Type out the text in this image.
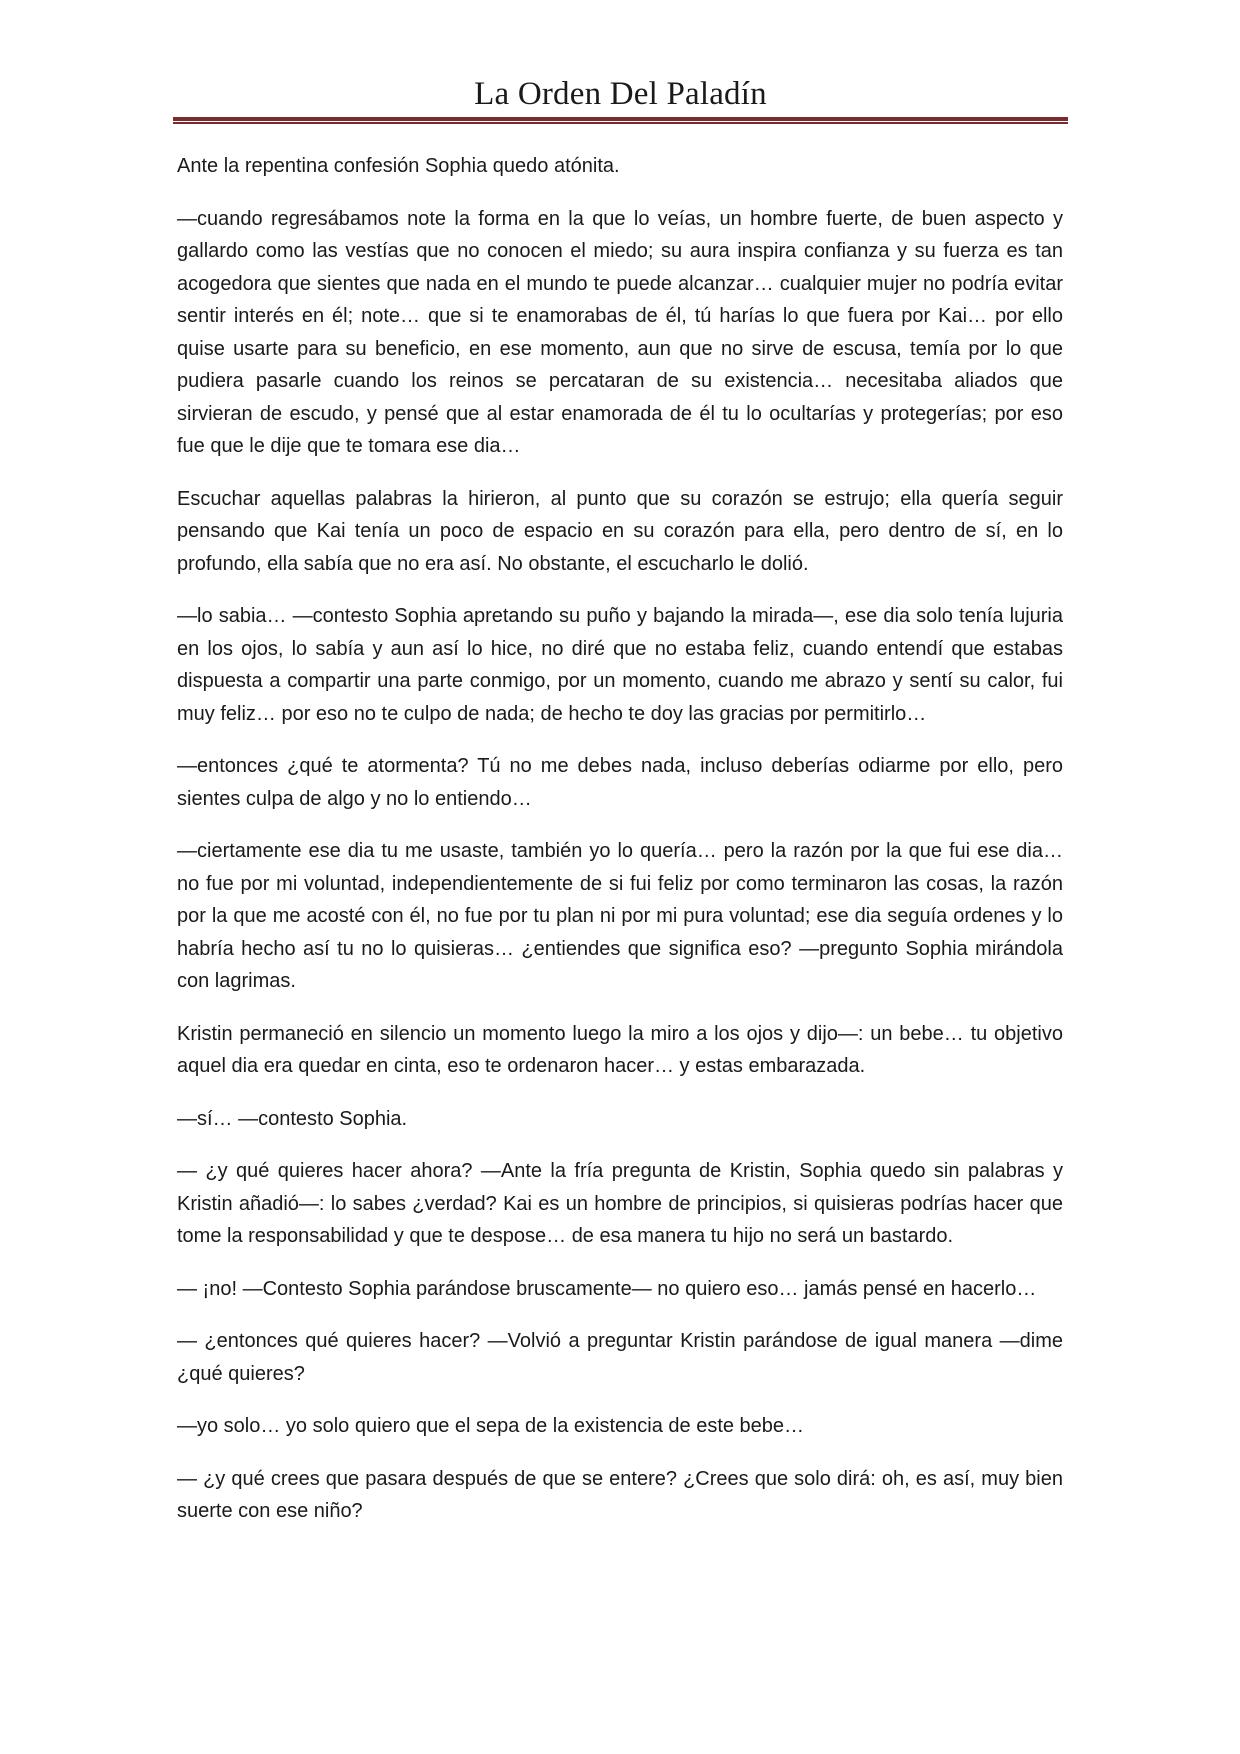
La Orden Del Paladín

Ante la repentina confesión Sophia quedo atónita.

—cuando regresábamos note la forma en la que lo veías, un hombre fuerte, de buen aspecto y gallardo como las vestías que no conocen el miedo; su aura inspira confianza y su fuerza es tan acogedora que sientes que nada en el mundo te puede alcanzar… cualquier mujer no podría evitar sentir interés en él; note… que si te enamorabas de él, tú harías lo que fuera por Kai… por ello quise usarte para su beneficio, en ese momento, aun que no sirve de escusa, temía por lo que pudiera pasarle cuando los reinos se percataran de su existencia… necesitaba aliados que sirvieran de escudo, y pensé que al estar enamorada de él tu lo ocultarías y protegerías; por eso fue que le dije que te tomara ese dia…

Escuchar aquellas palabras la hirieron, al punto que su corazón se estrujo; ella quería seguir pensando que Kai tenía un poco de espacio en su corazón para ella, pero dentro de sí, en lo profundo, ella sabía que no era así. No obstante, el escucharlo le dolió.

—lo sabia… —contesto Sophia apretando su puño y bajando la mirada—, ese dia solo tenía lujuria en los ojos, lo sabía y aun así lo hice, no diré que no estaba feliz, cuando entendí que estabas dispuesta a compartir una parte conmigo, por un momento, cuando me abrazo y sentí su calor, fui muy feliz… por eso no te culpo de nada; de hecho te doy las gracias por permitirlo…

—entonces ¿qué te atormenta? Tú no me debes nada, incluso deberías odiarme por ello, pero sientes culpa de algo y no lo entiendo…

—ciertamente ese dia tu me usaste, también yo lo quería… pero la razón por la que fui ese dia… no fue por mi voluntad, independientemente de si fui feliz por como terminaron las cosas, la razón por la que me acosté con él, no fue por tu plan ni por mi pura voluntad; ese dia seguía ordenes y lo habría hecho así tu no lo quisieras… ¿entiendes que significa eso? —pregunto Sophia mirándola con lagrimas.

Kristin permaneció en silencio un momento luego la miro a los ojos y dijo—: un bebe… tu objetivo aquel dia era quedar en cinta, eso te ordenaron hacer… y estas embarazada.

—sí… —contesto Sophia.

— ¿y qué quieres hacer ahora? —Ante la fría pregunta de Kristin, Sophia quedo sin palabras y Kristin añadió—: lo sabes ¿verdad? Kai es un hombre de principios, si quisieras podrías hacer que tome la responsabilidad y que te despose… de esa manera tu hijo no será un bastardo.

— ¡no! —Contesto Sophia parándose bruscamente— no quiero eso… jamás pensé en hacerlo…

— ¿entonces qué quieres hacer? —Volvió a preguntar Kristin parándose de igual manera —dime ¿qué quieres?

—yo solo… yo solo quiero que el sepa de la existencia de este bebe…

— ¿y qué crees que pasara después de que se entere? ¿Crees que solo dirá: oh, es así, muy bien suerte con ese niño?
